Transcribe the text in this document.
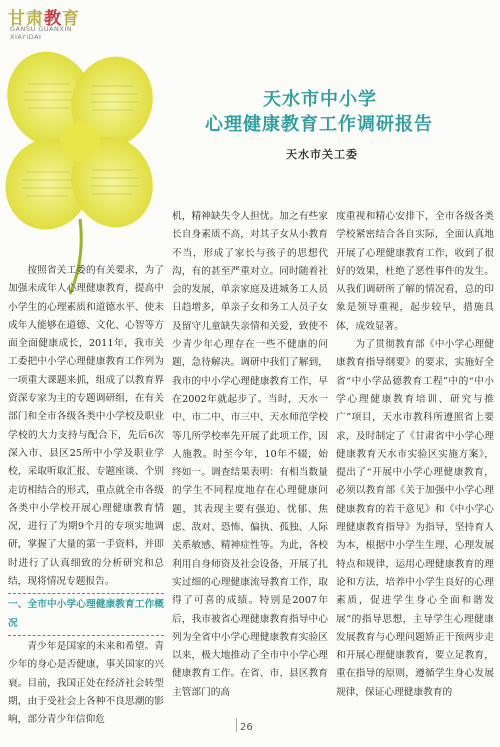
甘肃教育
GANSU GUANXIN
XIAYIDAI
天水市中小学
心理健康教育工作调研报告
天水市关工委

按照省关工委的有关要求，为了加强未成年人心理健康教育，提高中小学生的心理素质和道德水平、使未成年人能够在道德、文化、心智等方面全面健康成长，2011年，我市关工委把中小学心理健康教育工作列为一项重大课题来抓，组成了以教育界资深专家为主的专题调研组，在有关部门和全市各级各类中小学校及职业学校的大力支持与配合下，先后6次深入市、县区25所中小学及职业学校，采取听取汇报、专题座谈、个别走访相结合的形式，重点就全市各级各类中小学校开展心理健康教育情况，进行了为期9个月的专项实地调研，掌握了大量的第一手资料，并即时进行了认真细致的分析研究和总结，现将情况专题报告。

一、全市中小学心理健康教育工作概况

青少年是国家的未来和希望。青少年的身心是否健康，事关国家的兴衰。目前，我国正处在经济社会转型期，由于受社会上各种不良思潮的影响，部分青少年信仰危

机，精神缺失令人担忧。加之有些家长自身素质不高，对其子女从小教育不当，形成了家长与孩子的思想代沟，有的甚至严重对立。同时随着社会的发展，单亲家庭及进城务工人员日趋增多，单亲子女和务工人员子女及留守儿童缺失亲情和关爱，致使不少青少年心理存在一些不健康的问题，急待解决。调研中我们了解到，我市的中小学心理健康教育工作，早在2002年就起步了。当时，天水一中、市二中、市三中、天水师范学校等几所学校率先开展了此项工作，因人施教。时至今年，10年不辍，始终如一。调查结果表明：有相当数量的学生不同程度地存在心理健康问题，其表现主要有强迫、忧郁、焦虑、敌对、恐怖、偏执、孤独、人际关系敏感、精神症性等。为此，各校利用自身师资及社会设备，开展了扎实过细的心理健康流导教育工作，取得了可喜的成绩。特别是2007年后，我市被省心理健康教育指导中心列为全省中小学心理健康教育实验区以来，极大地推动了全市中小学心理健康教育工作。在省、市、县区教育主管部门的高

度重视和精心安排下，全市各级各类学校紧密结合各自实际，全面认真地开展了心理健康教育工作，收到了很好的效果，杜绝了恶性事件的发生。从我们调研所了解的情况看，总的印象是领导重视，起步较早，措施具体，成效显著。

为了贯彻教育部《中小学心理健康教育指导纲要》的要求，实施好全省“中小学品德教育工程”中的“中小学心理健康教育培训、研究与推广”项目，天水市教科所遵照省上要求，及时制定了《甘肃省中小学心理健康教育天水市实验区实施方案》，提出了“开展中小学心理健康教育，必须以教育部《关于加强中小学心理健康教育的若干意见》和《中小学心理健康教育指导》为指导，坚持育人为本，根据中小学生生理、心理发展特点和规律，运用心理健康教育的理论和方法，培养中小学生良好的心理素质，促进学生身心全面和谐发展”的指导思想，主导学生心理健康发展教育与心理问题矫正干预两步走和开展心理健康教育，要立足教育，重在指导的原则，遵循学生身心发展规律，保证心理健康教育的

26
